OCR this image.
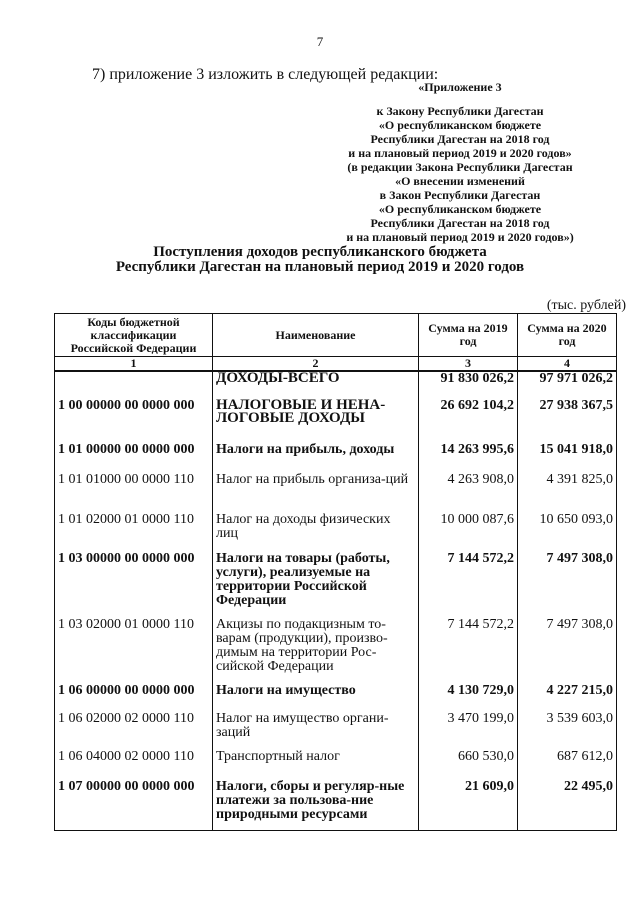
7
7) приложение 3 изложить в следующей редакции:
«Приложение 3
к Закону Республики Дагестан
«О республиканском бюджете
Республики Дагестан на 2018 год
и на плановый период 2019 и 2020 годов»
(в редакции Закона Республики Дагестан
«О внесении изменений
в Закон Республики Дагестан
«О республиканском бюджете
Республики Дагестан на 2018 год
и на плановый период 2019 и 2020 годов»)
Поступления доходов республиканского бюджета
Республики Дагестан на плановый период 2019 и 2020 годов
(тыс. рублей)
Коды бюджетной классификации Российской Федерации	Наименование	Сумма на 2019 год	Сумма на 2020 год
1	2	3	4
	ДОХОДЫ-ВСЕГО	91 830 026,2	97 971 026,2
1 00 00000 00 0000 000	НАЛОГОВЫЕ И НЕНА-ЛОГОВЫЕ ДОХОДЫ	26 692 104,2	27 938 367,5
1 01 00000 00 0000 000	Налоги на прибыль, доходы	14 263 995,6	15 041 918,0
1 01 01000 00 0000 110	Налог на прибыль организа-ций	4 263 908,0	4 391 825,0
1 01 02000 01 0000 110	Налог на доходы физических лиц	10 000 087,6	10 650 093,0
1 03 00000 00 0000 000	Налоги на товары (работы, услуги), реализуемые на территории Российской Федерации	7 144 572,2	7 497 308,0
1 03 02000 01 0000 110	Акцизы по подакцизным то-варам (продукции), произво-димым на территории Рос-сийской Федерации	7 144 572,2	7 497 308,0
1 06 00000 00 0000 000	Налоги на имущество	4 130 729,0	4 227 215,0
1 06 02000 02 0000 110	Налог на имущество органи-заций	3 470 199,0	3 539 603,0
1 06 04000 02 0000 110	Транспортный налог	660 530,0	687 612,0
1 07 00000 00 0000 000	Налоги, сборы и регуляр-ные платежи за пользова-ние природными ресурсами	21 609,0	22 495,0
